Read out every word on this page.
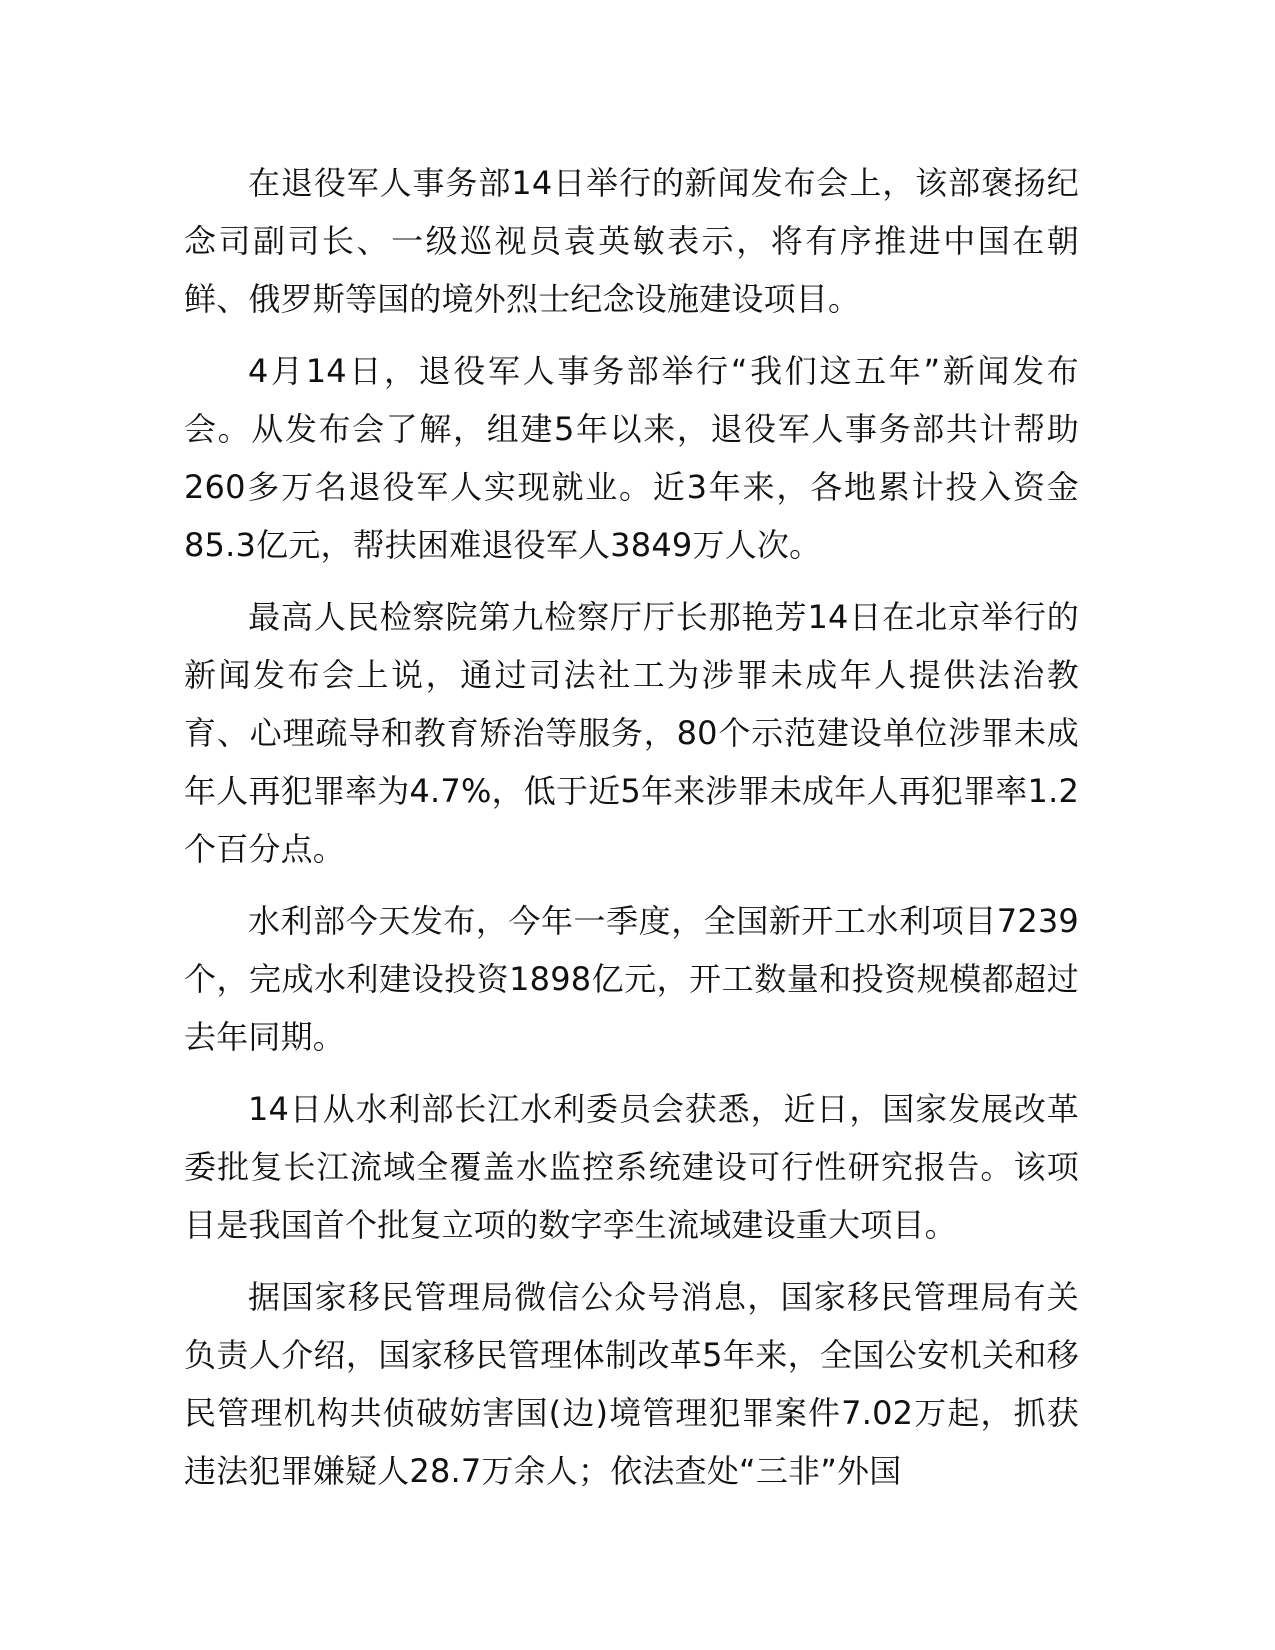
在退役军人事务部14日举行的新闻发布会上，该部褒扬纪念司副司长、一级巡视员袁英敏表示，将有序推进中国在朝鲜、俄罗斯等国的境外烈士纪念设施建设项目。

4月14日，退役军人事务部举行“我们这五年”新闻发布会。从发布会了解，组建5年以来，退役军人事务部共计帮助260多万名退役军人实现就业。近3年来，各地累计投入资金85.3亿元，帮扶困难退役军人3849万人次。

最高人民检察院第九检察厅厅长那艳芳14日在北京举行的新闻发布会上说，通过司法社工为涉罪未成年人提供法治教育、心理疏导和教育矫治等服务，80个示范建设单位涉罪未成年人再犯罪率为4.7%，低于近5年来涉罪未成年人再犯罪率1.2个百分点。

水利部今天发布，今年一季度，全国新开工水利项目7239个，完成水利建设投资1898亿元，开工数量和投资规模都超过去年同期。

14日从水利部长江水利委员会获悉，近日，国家发展改革委批复长江流域全覆盖水监控系统建设可行性研究报告。该项目是我国首个批复立项的数字孪生流域建设重大项目。

据国家移民管理局微信公众号消息，国家移民管理局有关负责人介绍，国家移民管理体制改革5年来，全国公安机关和移民管理机构共侦破妨害国(边)境管理犯罪案件7.02万起，抓获违法犯罪嫌疑人28.7万余人；依法查处“三非”外国
